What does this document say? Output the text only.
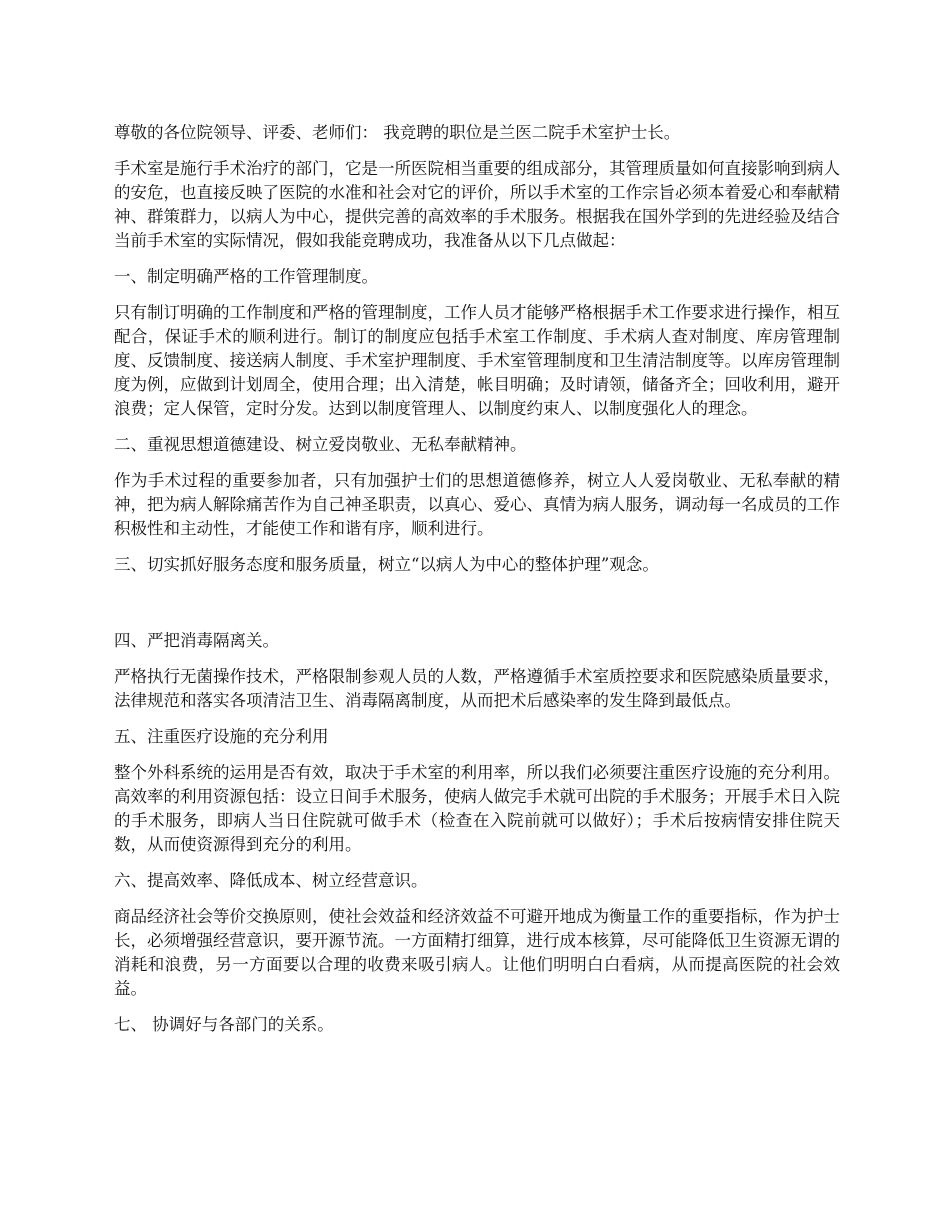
尊敬的各位院领导、评委、老师们： 我竞聘的职位是兰医二院手术室护士长。

手术室是施行手术治疗的部门，它是一所医院相当重要的组成部分，其管理质量如何直接影响到病人的安危，也直接反映了医院的水准和社会对它的评价，所以手术室的工作宗旨必须本着爱心和奉献精神、群策群力，以病人为中心，提供完善的高效率的手术服务。根据我在国外学到的先进经验及结合当前手术室的实际情况，假如我能竞聘成功，我准备从以下几点做起：

一、制定明确严格的工作管理制度。

只有制订明确的工作制度和严格的管理制度，工作人员才能够严格根据手术工作要求进行操作，相互配合，保证手术的顺利进行。制订的制度应包括手术室工作制度、手术病人查对制度、库房管理制度、反馈制度、接送病人制度、手术室护理制度、手术室管理制度和卫生清洁制度等。以库房管理制度为例，应做到计划周全，使用合理；出入清楚，帐目明确；及时请领，储备齐全；回收利用，避开浪费；定人保管，定时分发。达到以制度管理人、以制度约束人、以制度强化人的理念。

二、重视思想道德建设、树立爱岗敬业、无私奉献精神。

作为手术过程的重要参加者，只有加强护士们的思想道德修养，树立人人爱岗敬业、无私奉献的精神，把为病人解除痛苦作为自己神圣职责，以真心、爱心、真情为病人服务，调动每一名成员的工作积极性和主动性，才能使工作和谐有序，顺利进行。

三、切实抓好服务态度和服务质量，树立“以病人为中心的整体护理”观念。

四、严把消毒隔离关。

严格执行无菌操作技术，严格限制参观人员的人数，严格遵循手术室质控要求和医院感染质量要求，法律规范和落实各项清洁卫生、消毒隔离制度，从而把术后感染率的发生降到最低点。

五、注重医疗设施的充分利用

整个外科系统的运用是否有效，取决于手术室的利用率，所以我们必须要注重医疗设施的充分利用。高效率的利用资源包括：设立日间手术服务，使病人做完手术就可出院的手术服务；开展手术日入院的手术服务，即病人当日住院就可做手术（检查在入院前就可以做好）；手术后按病情安排住院天数，从而使资源得到充分的利用。

六、提高效率、降低成本、树立经营意识。

商品经济社会等价交换原则，使社会效益和经济效益不可避开地成为衡量工作的重要指标，作为护士长，必须增强经营意识，要开源节流。一方面精打细算，进行成本核算，尽可能降低卫生资源无谓的消耗和浪费，另一方面要以合理的收费来吸引病人。让他们明明白白看病，从而提高医院的社会效益。

七、 协调好与各部门的关系。
